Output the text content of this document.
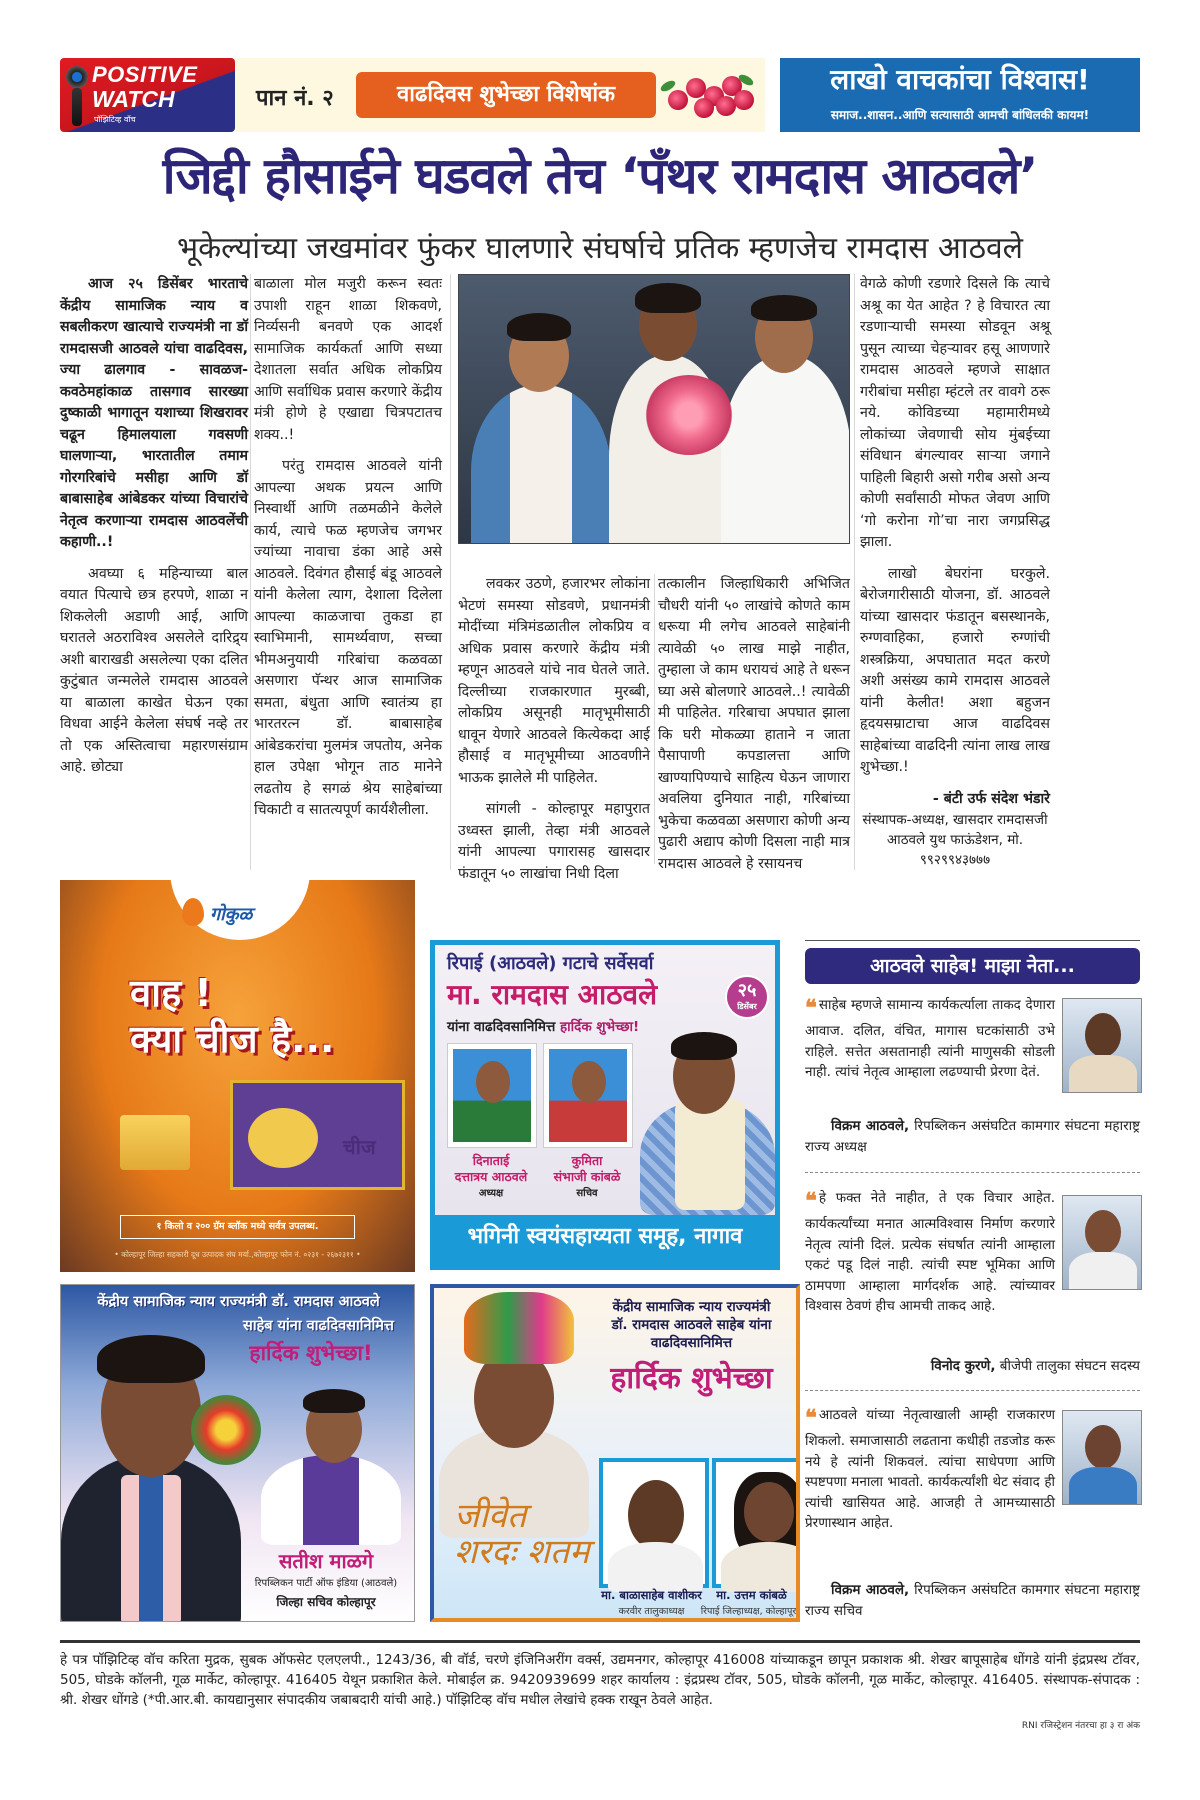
POSITIVE
WATCH
पॉझिटिव्ह वॉच
पान नं. २	वाढदिवस शुभेच्छा विशेषांक	लाखो वाचकांचा विश्वास!
समाज..शासन..आणि सत्यासाठी आमची बांधिलकी कायम!
जिद्दी हौसाईने घडवले तेच ‘पँथर रामदास आठवले’
भूकेल्यांच्या जखमांवर फुंकर घालणारे संघर्षाचे प्रतिक म्हणजेच रामदास आठवले

आज २५ डिसेंबर भारताचे केंद्रीय सामाजिक न्याय व सबलीकरण खात्याचे राज्यमंत्री ना डॉ रामदासजी आठवले यांचा वाढदिवस, ज्या ढालगाव - सावळज-कवठेमहांकाळ तासगाव सारख्या दुष्काळी भागातून यशाच्या शिखरावर चढून हिमालयाला गवसणी घालणाऱ्या, भारतातील तमाम गोरगरिबांचे मसीहा आणि डॉ बाबासाहेब आंबेडकर यांच्या विचारांचे नेतृत्व करणाऱ्या रामदास आठवलेंची कहाणी..!

अवघ्या ६ महिन्याच्या बाल वयात पित्याचे छत्र हरपणे, शाळा न शिकलेली अडाणी आई, आणि घरातले अठराविश्व असलेले दारिद्र्य अशी बाराखडी असलेल्या एका दलित कुटुंबात जन्मलेले रामदास आठवले या बाळाला काखेत घेऊन एका विधवा आईने केलेला संघर्ष नव्हे तर तो एक अस्तित्वाचा महारणसंग्राम आहे. छोट्या

बाळाला मोल मजुरी करून स्वतः उपाशी राहून शाळा शिकवणे, निर्व्यसनी बनवणे एक आदर्श सामाजिक कार्यकर्ता आणि सध्या देशातला सर्वात अधिक लोकप्रिय आणि सर्वाधिक प्रवास करणारे केंद्रीय मंत्री होणे हे एखाद्या चित्रपटातच शक्य..!

परंतु रामदास आठवले यांनी आपल्या अथक प्रयत्न आणि निस्वार्थी आणि तळमळीने केलेले कार्य, त्याचे फळ म्हणजेच जगभर ज्यांच्या नावाचा डंका आहे असे आठवले. दिवंगत हौसाई बंडू आठवले यांनी केलेला त्याग, देशाला दिलेला आपल्या काळजाचा तुकडा हा स्वाभिमानी, सामर्थ्यवाण, सच्चा भीमअनुयायी गरिबांचा कळवळा असणारा पॅन्थर आज सामाजिक समता, बंधुता आणि स्वातंत्र्य हा भारतरत्न डॉ. बाबासाहेब आंबेडकरांचा मुलमंत्र जपतोय, अनेक हाल उपेक्षा भोगून ताठ मानेने लढतोय हे सगळं श्रेय साहेबांच्या चिकाटी व सातत्यपूर्ण कार्यशैलीला.

लवकर उठणे, हजारभर लोकांना भेटणं समस्या सोडवणे, प्रधानमंत्री मोदींच्या मंत्रिमंडळातील लोकप्रिय व अधिक प्रवास करणारे केंद्रीय मंत्री म्हणून आठवले यांचे नाव घेतले जाते. दिल्लीच्या राजकारणात मुरब्बी, लोकप्रिय असूनही मातृभूमीसाठी धावून येणारे आठवले कित्येकदा आई हौसाई व मातृभूमीच्या आठवणीने भाऊक झालेले मी पाहिलेत.

सांगली - कोल्हापूर महापुरात उध्वस्त झाली, तेव्हा मंत्री आठवले यांनी आपल्या पगारासह खासदार फंडातून ५० लाखांचा निधी दिला

तत्कालीन जिल्हाधिकारी अभिजित चौधरी यांनी ५० लाखांचे कोणते काम धरूया मी लगेच आठवले साहेबांनी त्यावेळी ५० लाख माझे नाहीत, तुम्हाला जे काम धरायचं आहे ते धरून घ्या असे बोलणारे आठवले..! त्यावेळी मी पाहिलेत. गरिबाचा अपघात झाला कि घरी मोकळ्या हाताने न जाता पैसापाणी कपडालत्ता आणि खाण्यापिण्याचे साहित्य घेऊन जाणारा अवलिया दुनियात नाही, गरिबांच्या भुकेचा कळवळा असणारा कोणी अन्य पुढारी अद्याप कोणी दिसला नाही मात्र रामदास आठवले हे रसायनच

वेगळे कोणी रडणारे दिसले कि त्याचे अश्रू का येत आहेत ? हे विचारत त्या रडणाऱ्याची समस्या सोडवून अश्रू पुसून त्याच्या चेहऱ्यावर हसू आणणारे रामदास आठवले म्हणजे साक्षात गरीबांचा मसीहा म्हंटले तर वावगे ठरू नये. कोविडच्या महामारीमध्ये लोकांच्या जेवणाची सोय मुंबईच्या संविधान बंगल्यावर साऱ्या जगाने पाहिली बिहारी असो गरीब असो अन्य कोणी सर्वांसाठी मोफत जेवण आणि ‘गो करोना गो’चा नारा जगप्रसिद्ध झाला.

लाखो बेघरांना घरकुले. बेरोजगारीसाठी योजना, डॉ. आठवले यांच्या खासदार फंडातून बसस्थानके, रुग्णवाहिका, हजारो रुग्णांची शस्त्रक्रिया, अपघातात मदत करणे अशी असंख्य कामे रामदास आठवले यांनी केलीत! अशा बहुजन हृदयसम्राटाचा आज वाढदिवस साहेबांच्या वाढदिनी त्यांना लाख लाख शुभेच्छा.!

- बंटी उर्फ संदेश भंडारे
संस्थापक-अध्यक्ष, खासदार रामदासजी आठवले युथ फाऊंडेशन, मो. ९९२९९४३७७७
गोकुळ
वाह !
क्या चीज है...
चीज
१ किलो व २०० ग्रॅम ब्लॉक मध्ये सर्वत्र उपलब्ध.
• कोल्हापूर जिल्हा सहकारी दूध उत्पादक संघ मर्या.,कोल्हापूर फोन नं. ०२३१ - २६७२३११ •
रिपाई (आठवले) गटाचे सर्वेसर्वा
मा. रामदास आठवले
यांना वाढदिवसानिमित्त हार्दिक शुभेच्छा!
२५
डिसेंबर
दिनाताई
दत्तात्रय आठवले
अध्यक्ष
कुमिता
संभाजी कांबळे
सचिव
भगिनी स्वयंसहाय्यता समूह, नागाव
केंद्रीय सामाजिक न्याय राज्यमंत्री डॉ. रामदास आठवले
साहेब यांना वाढदिवसानिमित्त
हार्दिक शुभेच्छा!
सतीश माळगे
रिपब्लिकन पार्टी ऑफ इंडिया (आठवले)
जिल्हा सचिव कोल्हापूर
केंद्रीय सामाजिक न्याय राज्यमंत्री
डॉ. रामदास आठवले साहेब यांना
वाढदिवसानिमित्त
हार्दिक शुभेच्छा
जीवेत शरदः शतम
मा. बाळासाहेब वाशीकर
करवीर तालुकाध्यक्ष
मा. उत्तम कांबळे
रिपाई जिल्हाध्यक्ष, कोल्हापूर
आठवले साहेब! माझा नेता...
❝ साहेब म्हणजे सामान्य कार्यकर्त्याला ताकद देणारा आवाज. दलित, वंचित, मागास घटकांसाठी उभे राहिले. सत्तेत असतानाही त्यांनी माणुसकी सोडली नाही. त्यांचं नेतृत्व आम्हाला लढण्याची प्रेरणा देतं.
विक्रम आठवले, रिपब्लिकन असंघटित कामगार संघटना महाराष्ट्र राज्य अध्यक्ष
❝ हे फक्त नेते नाहीत, ते एक विचार आहेत. कार्यकर्त्यांच्या मनात आत्मविश्वास निर्माण करणारे नेतृत्व त्यांनी दिलं. प्रत्येक संघर्षात त्यांनी आम्हाला एकटं पडू दिलं नाही. त्यांची स्पष्ट भूमिका आणि ठामपणा आम्हाला मार्गदर्शक आहे. त्यांच्यावर विश्वास ठेवणं हीच आमची ताकद आहे.
विनोद कुरणे, बीजेपी तालुका संघटन सदस्य
❝ आठवले यांच्या नेतृत्वाखाली आम्ही राजकारण शिकलो. समाजासाठी लढताना कधीही तडजोड करू नये हे त्यांनी शिकवलं. त्यांचा साधेपणा आणि स्पष्टपणा मनाला भावतो. कार्यकर्त्यांशी थेट संवाद ही त्यांची खासियत आहे. आजही ते आमच्यासाठी प्रेरणास्थान आहेत.
विक्रम आठवले, रिपब्लिकन असंघटित कामगार संघटना महाराष्ट्र राज्य सचिव
हे पत्र पॉझिटिव्ह वॉच करिता मुद्रक, सुबक ऑफसेट एलएलपी., 1243/36, बी वॉर्ड, चरणे इंजिनिअरींग वर्क्स, उद्यमनगर, कोल्हापूर 416008 यांच्याकडून छापून प्रकाशक श्री. शेखर बापूसाहेब धोंगडे यांनी इंद्रप्रस्थ टॉवर, 505, घोडके कॉलनी, गूळ मार्केट, कोल्हापूर. 416405 येथून प्रकाशित केले. मोबाईल क्र. 9420939699 शहर कार्यालय : इंद्रप्रस्थ टॉवर, 505, घोडके कॉलनी, गूळ मार्केट, कोल्हापूर. 416405. संस्थापक-संपादक : श्री. शेखर धोंगडे (*पी.आर.बी. कायद्यानुसार संपादकीय जबाबदारी यांची आहे.) पॉझिटिव्ह वॉच मधील लेखांचे हक्क राखून ठेवले आहेत.
RNI रजिस्ट्रेशन नंतरचा हा ३ रा अंक
